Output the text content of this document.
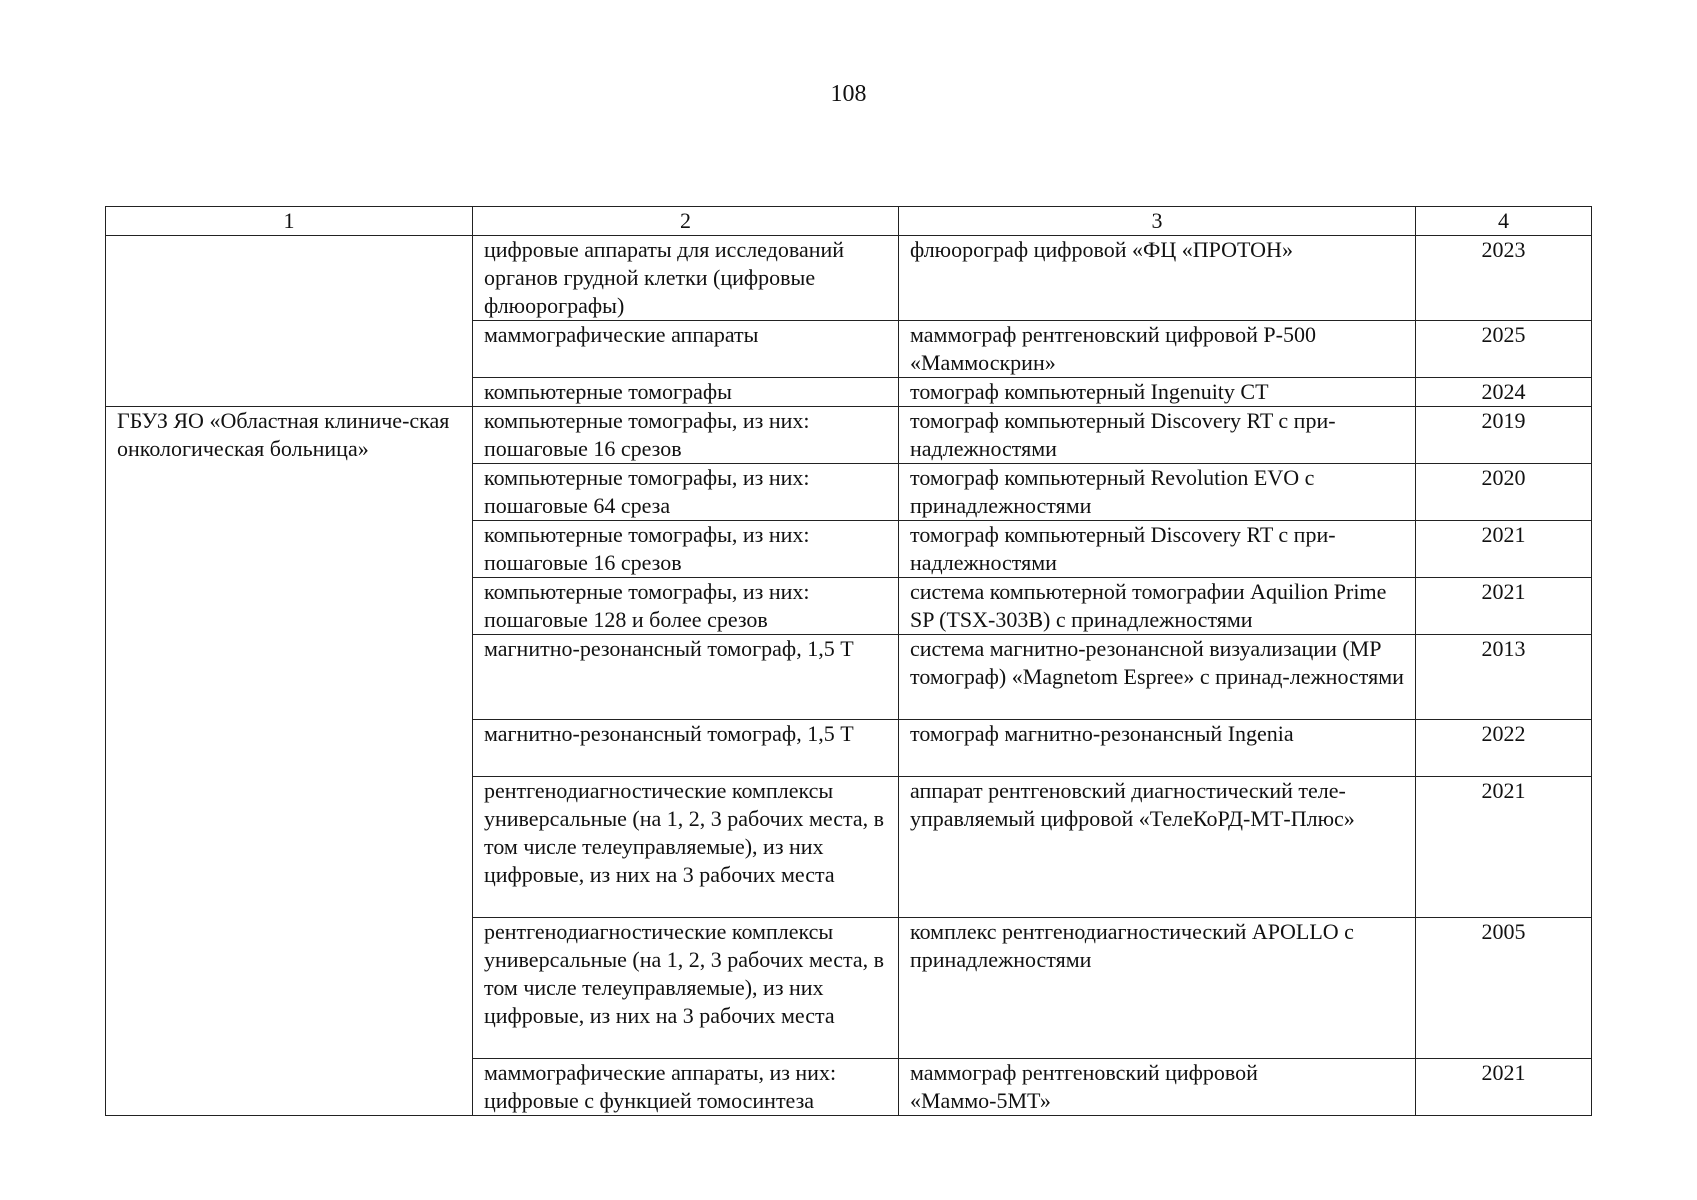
108
1	2	3	4
	цифровые аппараты для исследований органов грудной клетки (цифровые флюорографы)	флюорограф цифровой «ФЦ «ПРОТОН»	2023
	маммографические аппараты	маммограф рентгеновский цифровой Р-500 «Маммоскрин»	2025
	компьютерные томографы	томограф компьютерный Ingenuity CT	2024
ГБУЗ ЯО «Областная клиниче-ская онкологическая больница»	компьютерные томографы, из них: пошаговые 16 срезов	томограф компьютерный Discovery RT с при-надлежностями	2019
	компьютерные томографы, из них: пошаговые 64 среза	томограф компьютерный Revolution EVO с принадлежностями	2020
	компьютерные томографы, из них: пошаговые 16 срезов	томограф компьютерный Discovery RT с при-надлежностями	2021
	компьютерные томографы, из них: пошаговые 128 и более срезов	система компьютерной томографии Aquilion Prime SP (TSX-303B) с принадлежностями	2021
	магнитно-резонансный томограф, 1,5 Т	система магнитно-резонансной визуализации (МР томограф) «Magnetom Espree» с принад-лежностями	2013
	магнитно-резонансный томограф, 1,5 Т	томограф магнитно-резонансный Ingenia	2022
	рентгенодиагностические комплексы универсальные (на 1, 2, 3 рабочих места, в том числе телеуправляемые), из них цифровые, из них на 3 рабочих места	аппарат рентгеновский диагностический теле-управляемый цифровой «ТелеКоРД-МТ-Плюс»	2021
	рентгенодиагностические комплексы универсальные (на 1, 2, 3 рабочих места, в том числе телеуправляемые), из них цифровые, из них на 3 рабочих места	комплекс рентгенодиагностический APOLLO с принадлежностями	2005
	маммографические аппараты, из них: цифровые с функцией томосинтеза	маммограф рентгеновский цифровой «Маммо-5МТ»	2021
